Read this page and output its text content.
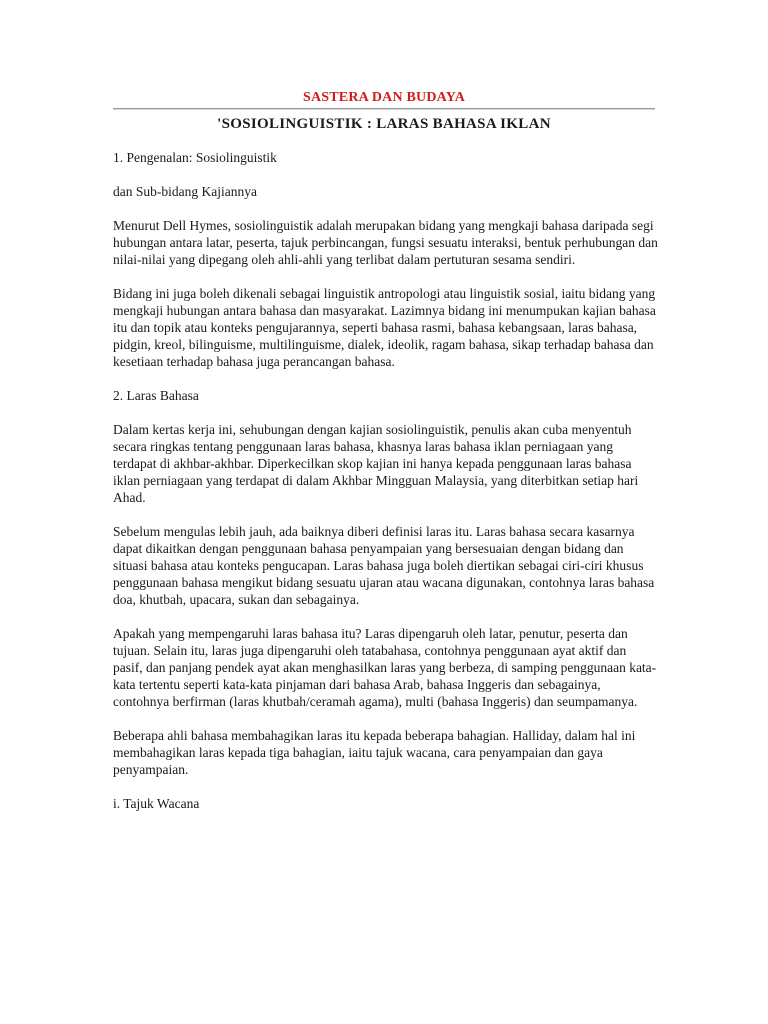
SASTERA DAN BUDAYA
'SOSIOLINGUISTIK : LARAS BAHASA IKLAN

1. Pengenalan: Sosiolinguistik

dan Sub-bidang Kajiannya

Menurut Dell Hymes, sosiolinguistik adalah merupakan bidang yang mengkaji bahasa daripada segi hubungan antara latar, peserta, tajuk perbincangan, fungsi sesuatu interaksi, bentuk perhubungan dan nilai-nilai yang dipegang oleh ahli-ahli yang terlibat dalam pertuturan sesama sendiri.

Bidang ini juga boleh dikenali sebagai linguistik antropologi atau linguistik sosial, iaitu bidang yang mengkaji hubungan antara bahasa dan masyarakat. Lazimnya bidang ini menumpukan kajian bahasa itu dan topik atau konteks pengujarannya, seperti bahasa rasmi, bahasa kebangsaan, laras bahasa, pidgin, kreol, bilinguisme, multilinguisme, dialek, ideolik, ragam bahasa, sikap terhadap bahasa dan kesetiaan terhadap bahasa juga perancangan bahasa.

2. Laras Bahasa

Dalam kertas kerja ini, sehubungan dengan kajian sosiolinguistik, penulis akan cuba menyentuh secara ringkas tentang penggunaan laras bahasa, khasnya laras bahasa iklan perniagaan yang terdapat di akhbar-akhbar. Diperkecilkan skop kajian ini hanya kepada penggunaan laras bahasa iklan perniagaan yang terdapat di dalam Akhbar Mingguan Malaysia, yang diterbitkan setiap hari Ahad.

Sebelum mengulas lebih jauh, ada baiknya diberi definisi laras itu. Laras bahasa secara kasarnya dapat dikaitkan dengan penggunaan bahasa penyampaian yang bersesuaian dengan bidang dan situasi bahasa atau konteks pengucapan. Laras bahasa juga boleh diertikan sebagai ciri-ciri khusus penggunaan bahasa mengikut bidang sesuatu ujaran atau wacana digunakan, contohnya laras bahasa doa, khutbah, upacara, sukan dan sebagainya.

Apakah yang mempengaruhi laras bahasa itu? Laras dipengaruh oleh latar, penutur, peserta dan tujuan. Selain itu, laras juga dipengaruhi oleh tatabahasa, contohnya penggunaan ayat aktif dan pasif, dan panjang pendek ayat akan menghasilkan laras yang berbeza, di samping penggunaan kata-kata tertentu seperti kata-kata pinjaman dari bahasa Arab, bahasa Inggeris dan sebagainya, contohnya berfirman (laras khutbah/ceramah agama), multi (bahasa Inggeris) dan seumpamanya.

Beberapa ahli bahasa membahagikan laras itu kepada beberapa bahagian. Halliday, dalam hal ini membahagikan laras kepada tiga bahagian, iaitu tajuk wacana, cara penyampaian dan gaya penyampaian.

i. Tajuk Wacana
